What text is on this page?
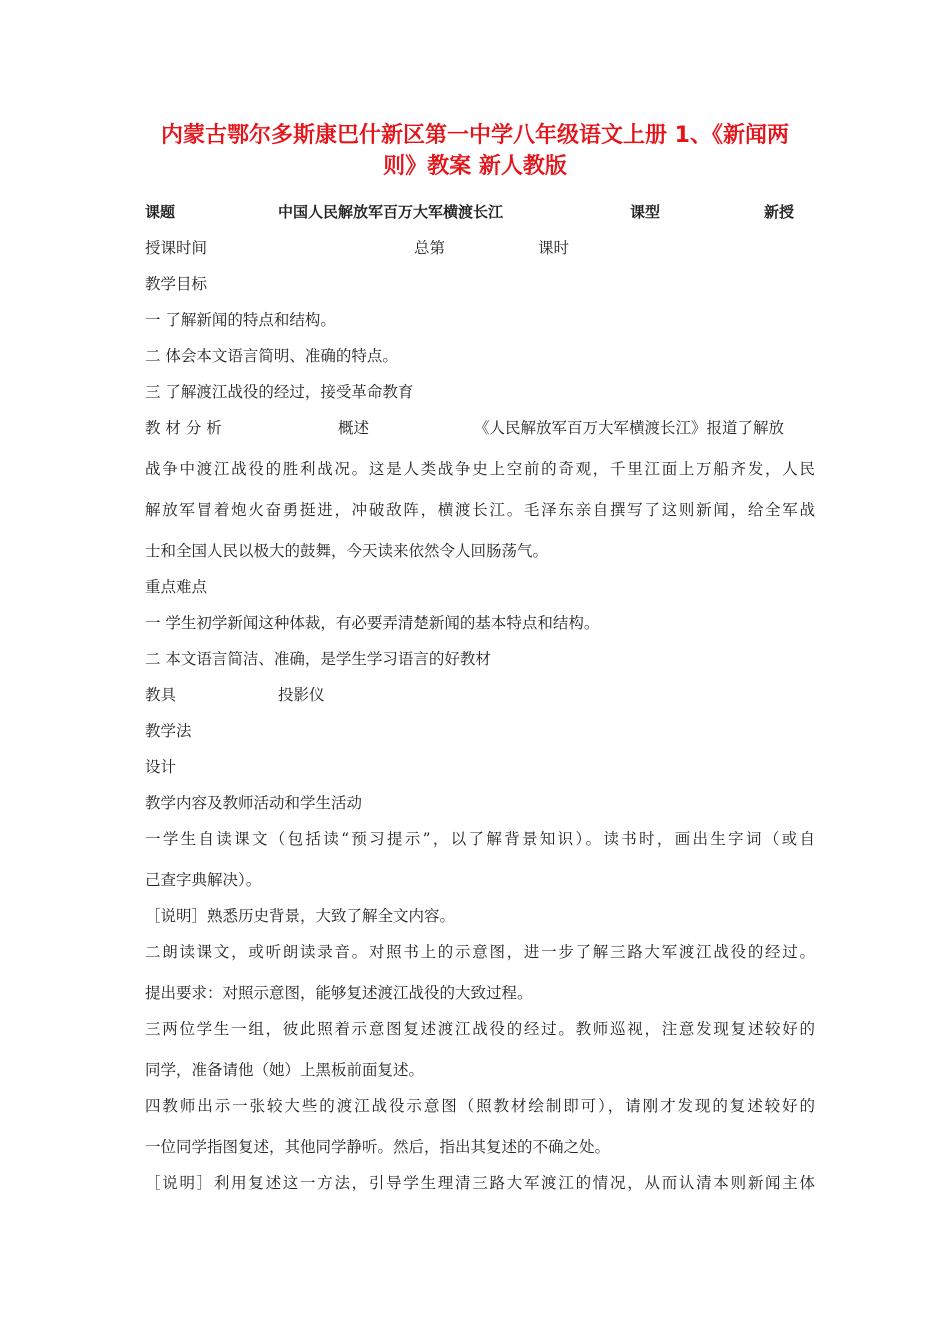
内蒙古鄂尔多斯康巴什新区第一中学八年级语文上册 1、《新闻两
则》教案 新人教版
课题	中国人民解放军百万大军横渡长江	课型	新授
授课时间	总第	课时
教学目标
一 了解新闻的特点和结构。
二 体会本文语言简明、准确的特点。
三 了解渡江战役的经过，接受革命教育
教 材 分 析	概述	《人民解放军百万大军横渡长江》报道了解放
战争中渡江战役的胜利战况。这是人类战争史上空前的奇观，千里江面上万船齐发，人民
解放军冒着炮火奋勇挺进，冲破敌阵，横渡长江。毛泽东亲自撰写了这则新闻，给全军战
士和全国人民以极大的鼓舞，今天读来依然令人回肠荡气。
重点难点
一 学生初学新闻这种体裁，有必要弄清楚新闻的基本特点和结构。
二 本文语言简洁、准确，是学生学习语言的好教材
教具	投影仪
教学法
设计
教学内容及教师活动和学生活动
一学生自读课文（包括读“预习提示”，以了解背景知识）。读书时，画出生字词（或自
己查字典解决）。
［说明］熟悉历史背景，大致了解全文内容。
二朗读课文，或听朗读录音。对照书上的示意图，进一步了解三路大军渡江战役的经过。
提出要求：对照示意图，能够复述渡江战役的大致过程。
三两位学生一组，彼此照着示意图复述渡江战役的经过。教师巡视，注意发现复述较好的
同学，准备请他（她）上黑板前面复述。
四教师出示一张较大些的渡江战役示意图（照教材绘制即可），请刚才发现的复述较好的
一位同学指图复述，其他同学静听。然后，指出其复述的不确之处。
［说明］利用复述这一方法，引导学生理清三路大军渡江的情况，从而认清本则新闻主体
